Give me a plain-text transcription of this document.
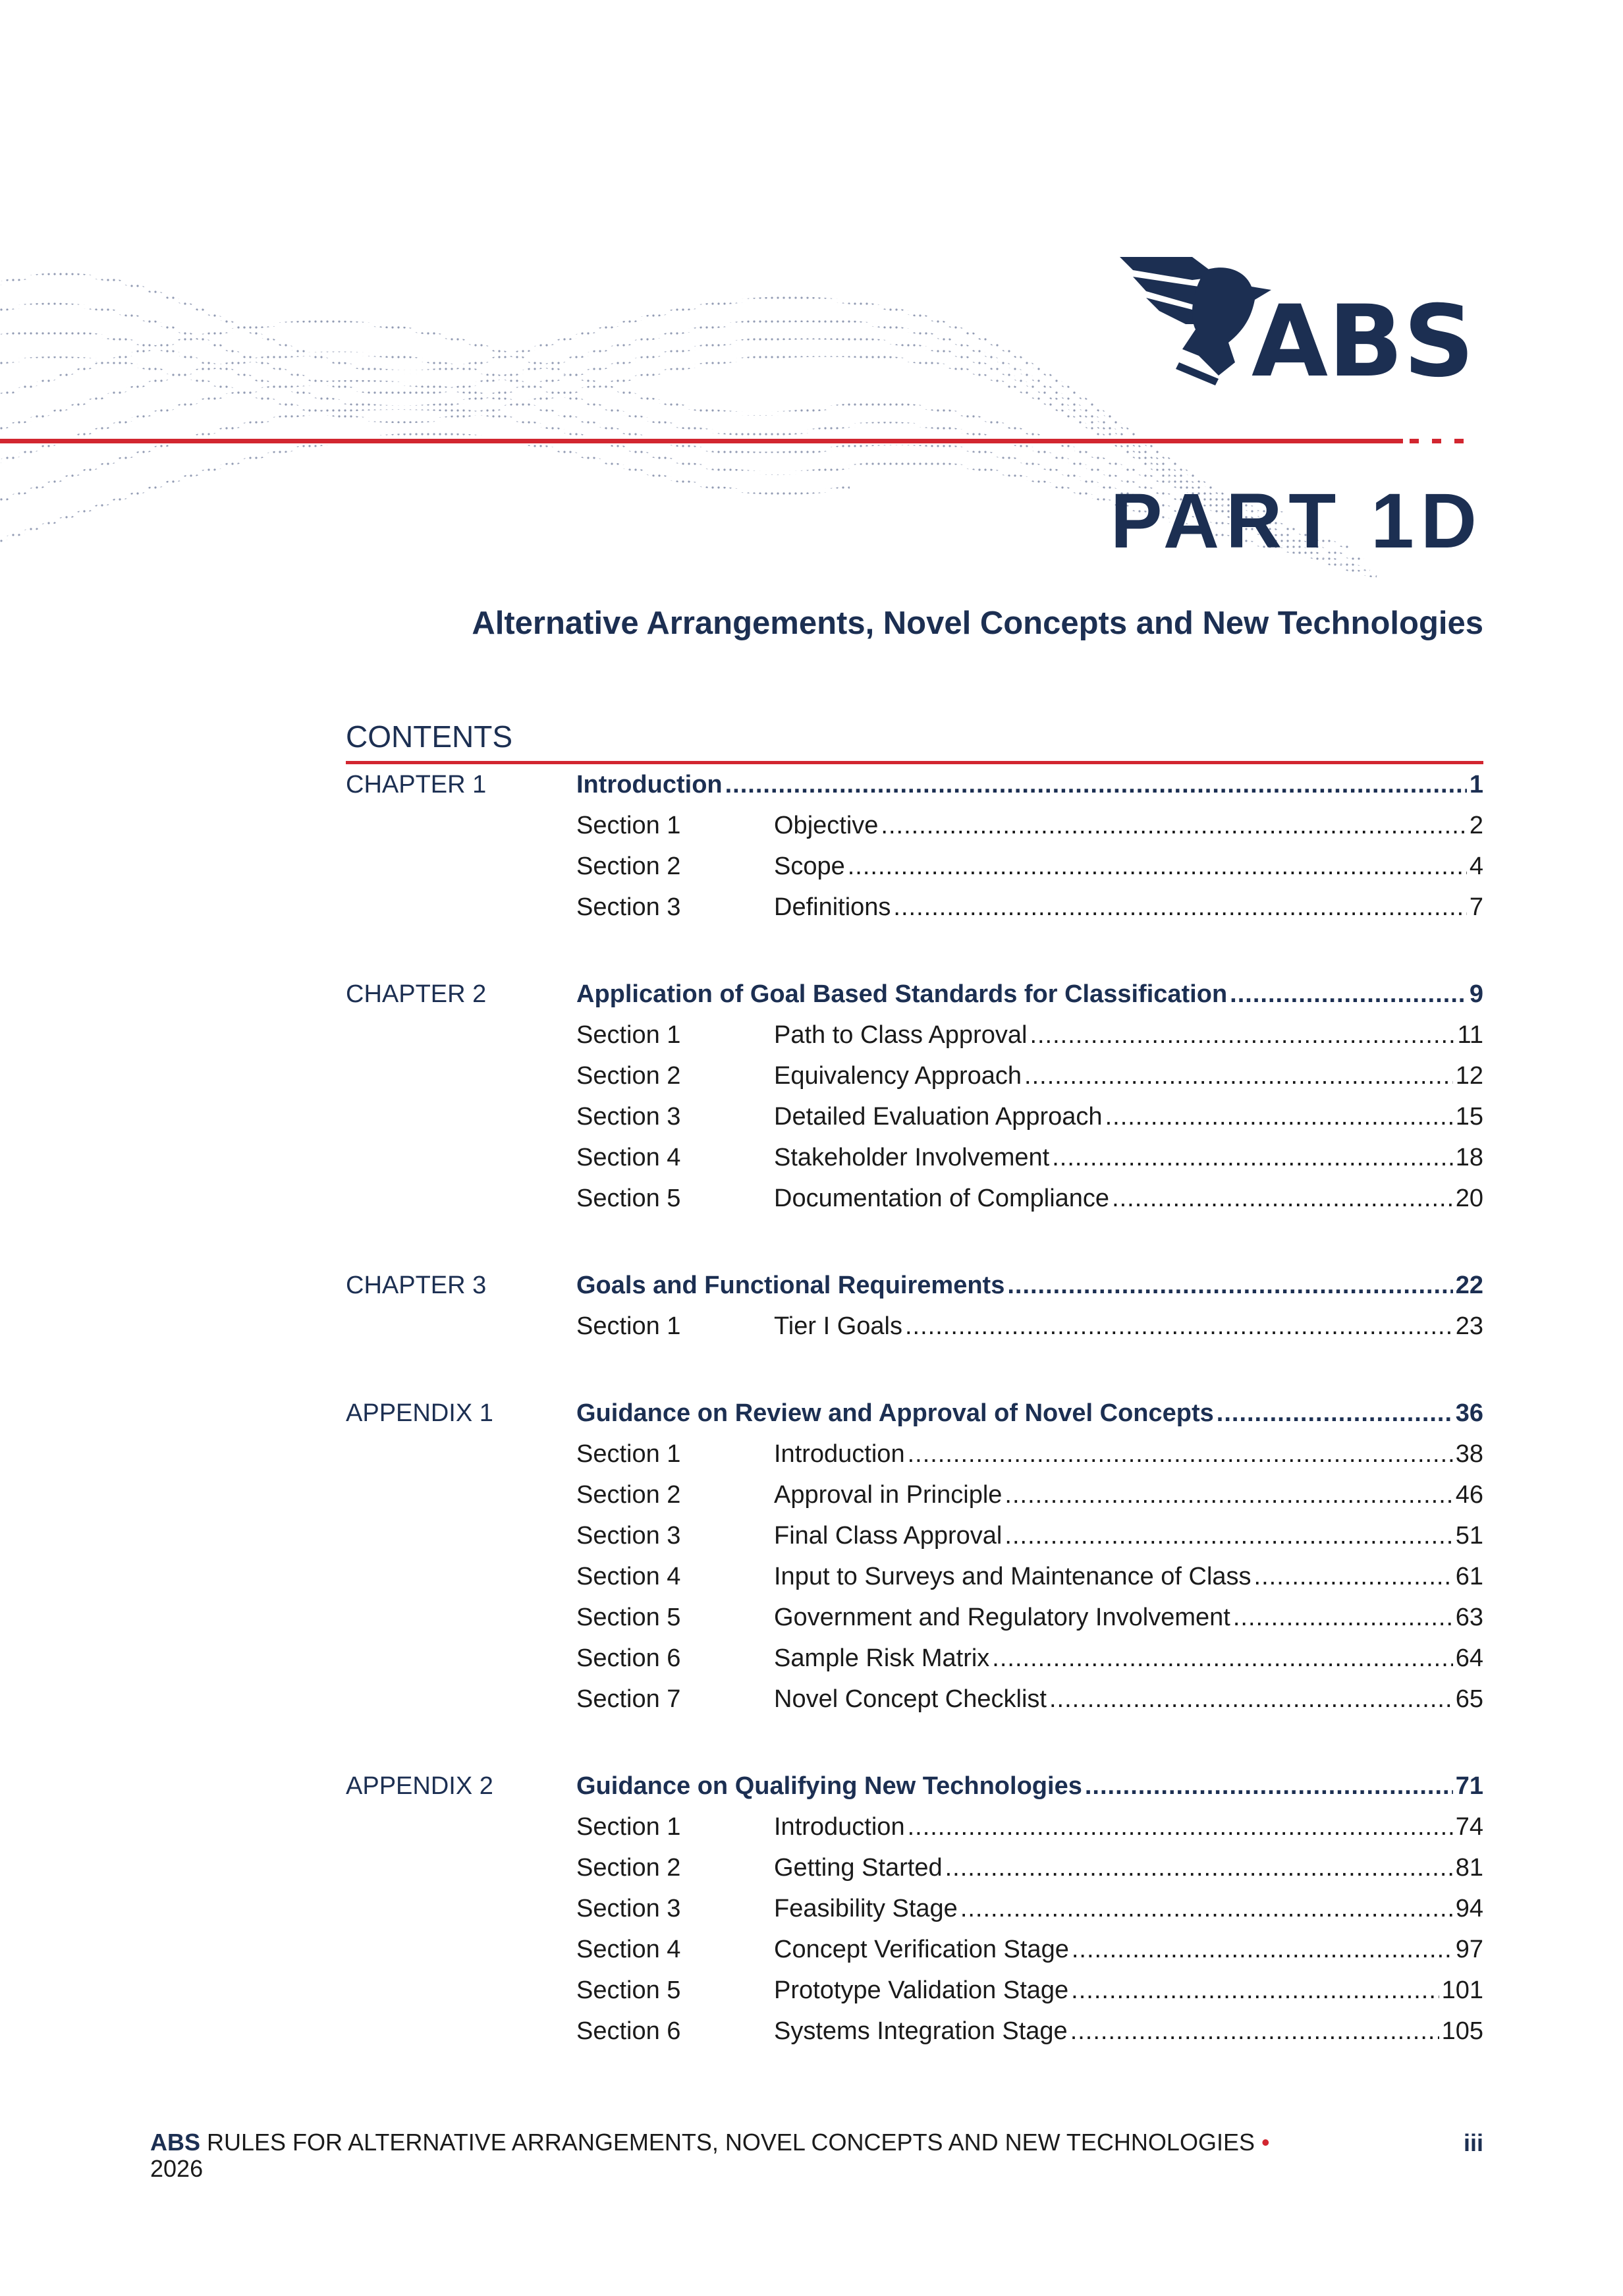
ABS
PART 1D
Alternative Arrangements, Novel Concepts and New Technologies
CONTENTS
CHAPTER 1	Introduction .....	1
Section 1	Objective .....	2
Section 2	Scope .....	4
Section 3	Definitions .....	7
CHAPTER 2	Application of Goal Based Standards for Classification .....	9
Section 1	Path to Class Approval .....	11
Section 2	Equivalency Approach .....	12
Section 3	Detailed Evaluation Approach .....	15
Section 4	Stakeholder Involvement .....	18
Section 5	Documentation of Compliance .....	20
CHAPTER 3	Goals and Functional Requirements .....	22
Section 1	Tier I Goals .....	23
APPENDIX 1	Guidance on Review and Approval of Novel Concepts .....	36
Section 1	Introduction .....	38
Section 2	Approval in Principle .....	46
Section 3	Final Class Approval .....	51
Section 4	Input to Surveys and Maintenance of Class .....	61
Section 5	Government and Regulatory Involvement .....	63
Section 6	Sample Risk Matrix .....	64
Section 7	Novel Concept Checklist .....	65
APPENDIX 2	Guidance on Qualifying New Technologies .....	71
Section 1	Introduction .....	74
Section 2	Getting Started .....	81
Section 3	Feasibility Stage .....	94
Section 4	Concept Verification Stage .....	97
Section 5	Prototype Validation Stage .....	101
Section 6	Systems Integration Stage .....	105
ABS RULES FOR ALTERNATIVE ARRANGEMENTS, NOVEL CONCEPTS AND NEW TECHNOLOGIES •
2026
iii
